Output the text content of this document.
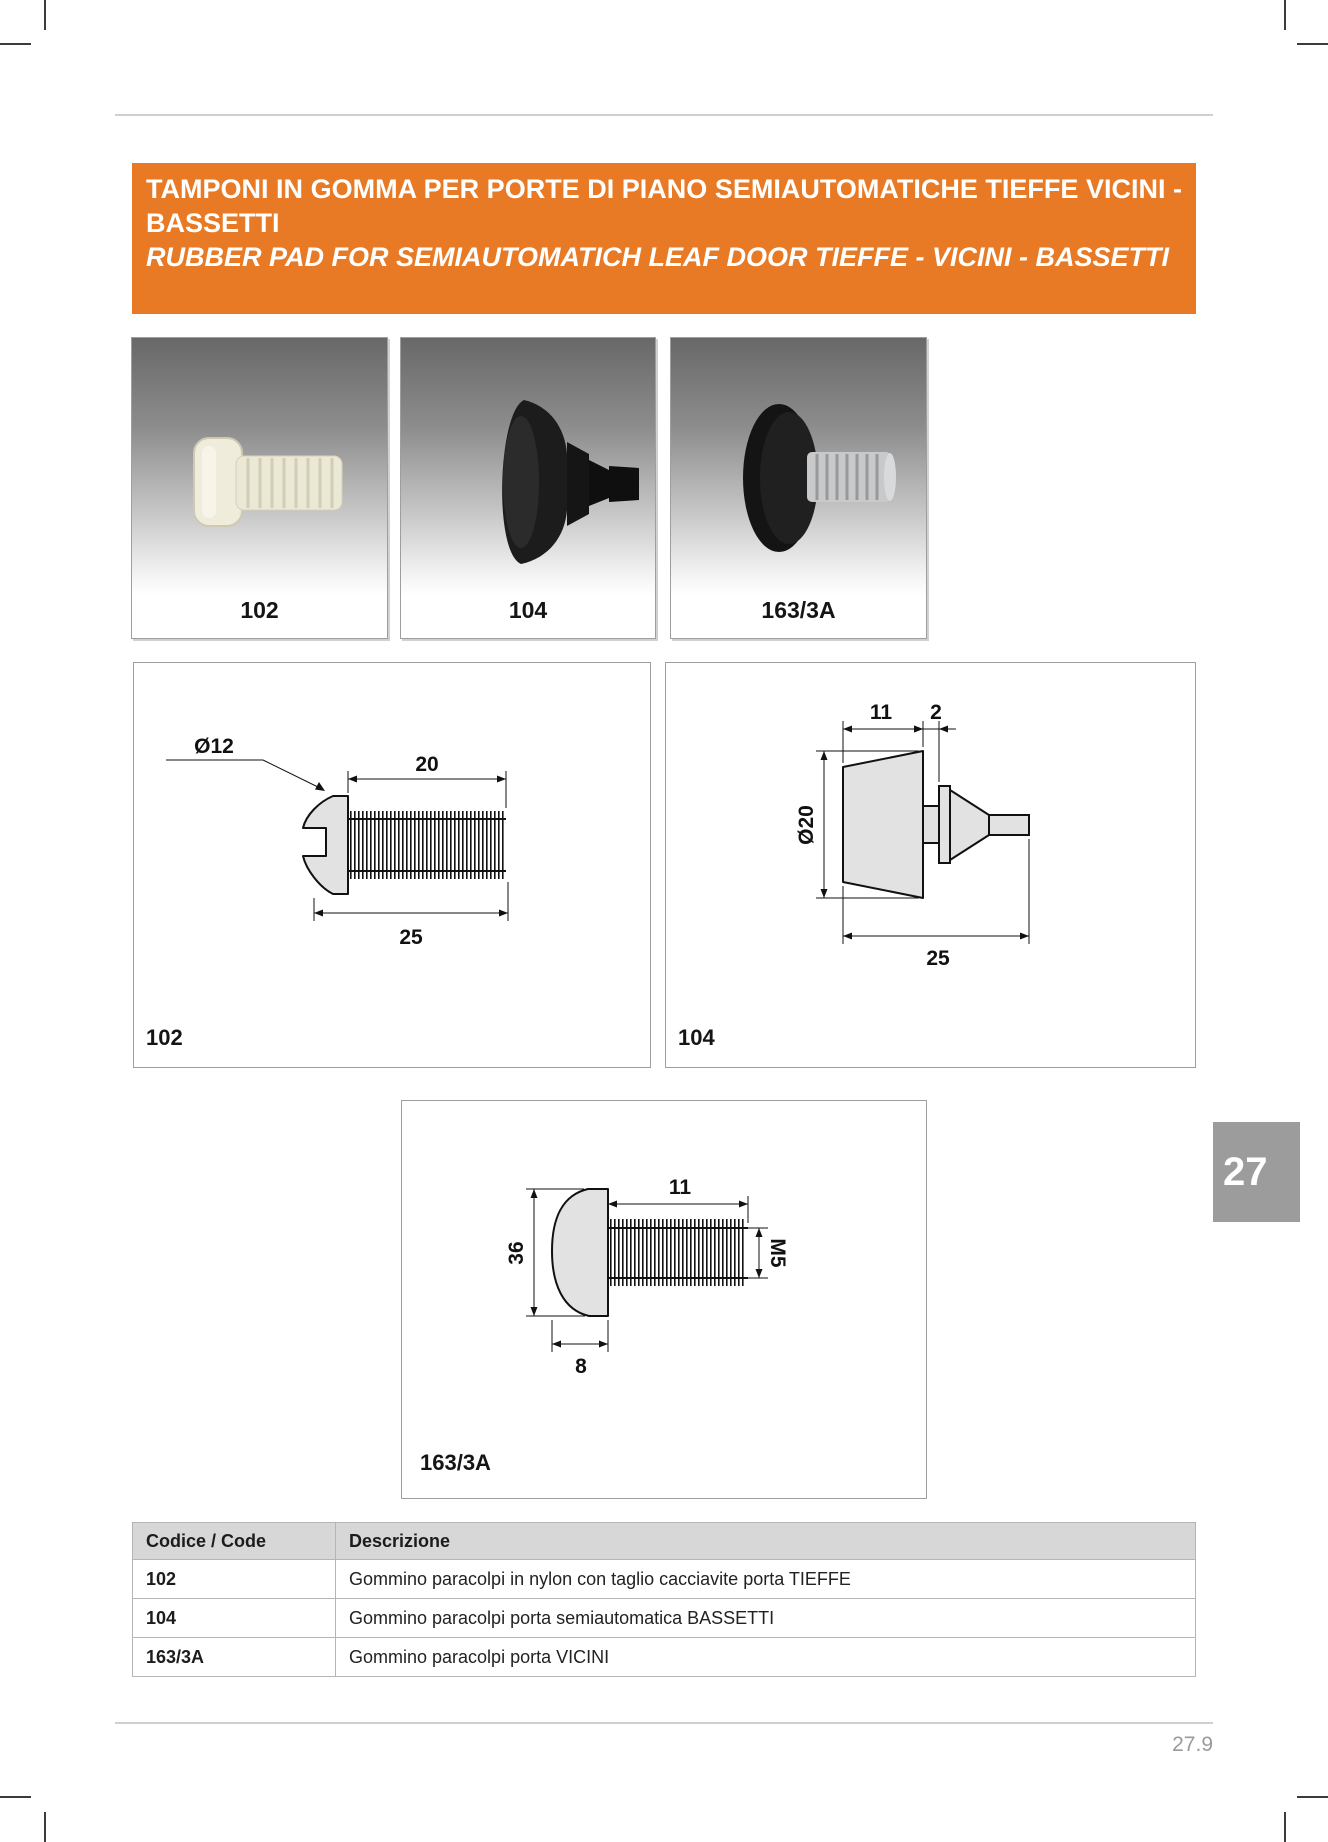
TAMPONI IN GOMMA PER PORTE DI PIANO SEMIAUTOMATICHE TIEFFE VICINI - BASSETTI

RUBBER PAD FOR SEMIAUTOMATICH LEAF DOOR TIEFFE - VICINI - BASSETTI

102	104	163/3A
20
25
Ø12
102
11 2
Ø20
25
104
11
36
8
M5
163/3A
27
Codice / Code	Descrizione
102	Gommino paracolpi in nylon con taglio cacciavite porta TIEFFE
104	Gommino paracolpi porta semiautomatica BASSETTI
163/3A	Gommino paracolpi porta VICINI
27.9
